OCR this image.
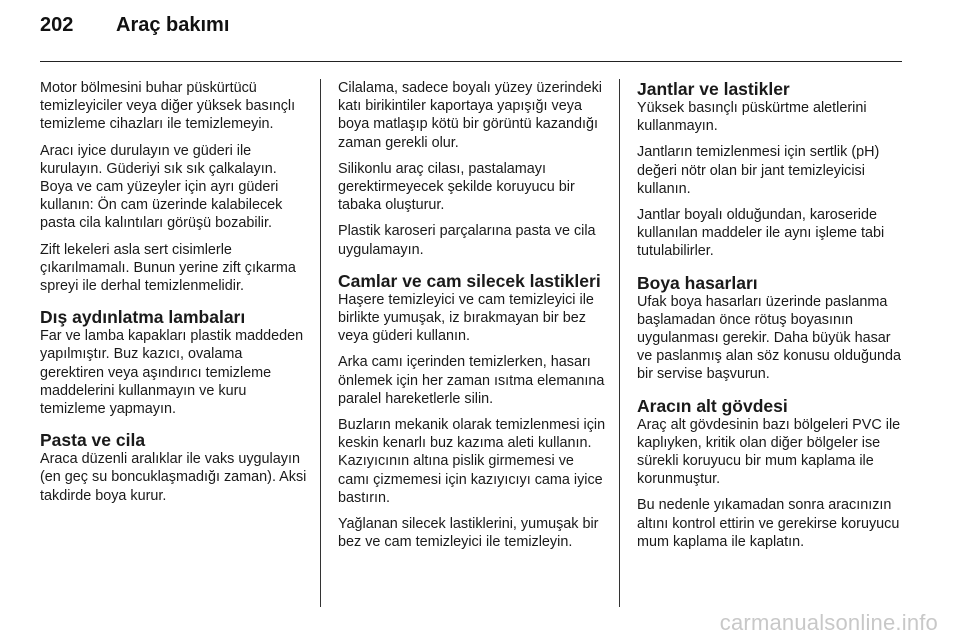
202 Araç bakımı

Motor bölmesini buhar püskürtücü temizleyiciler veya diğer yüksek basınçlı temizleme cihazları ile temizlemeyin.

Aracı iyice durulayın ve güderi ile kurulayın. Güderiyi sık sık çalkalayın. Boya ve cam yüzeyler için ayrı güderi kullanın: Ön cam üzerinde kalabilecek pasta cila kalıntıları görüşü bozabilir.

Zift lekeleri asla sert cisimlerle çıkarılmamalı. Bunun yerine zift çıkarma spreyi ile derhal temizlenmelidir.

Dış aydınlatma lambaları

Far ve lamba kapakları plastik maddeden yapılmıştır. Buz kazıcı, ovalama gerektiren veya aşındırıcı temizleme maddelerini kullanmayın ve kuru temizleme yapmayın.

Pasta ve cila

Araca düzenli aralıklar ile vaks uygulayın (en geç su boncuklaşmadığı zaman). Aksi takdirde boya kurur.

Cilalama, sadece boyalı yüzey üzerindeki katı birikintiler kaportaya yapışığı veya boya matlaşıp kötü bir görüntü kazandığı zaman gerekli olur.

Silikonlu araç cilası, pastalamayı gerektirmeyecek şekilde koruyucu bir tabaka oluşturur.

Plastik karoseri parçalarına pasta ve cila uygulamayın.

Camlar ve cam silecek lastikleri

Haşere temizleyici ve cam temizleyici ile birlikte yumuşak, iz bırakmayan bir bez veya güderi kullanın.

Arka camı içerinden temizlerken, hasarı önlemek için her zaman ısıtma elemanına paralel hareketlerle silin.

Buzların mekanik olarak temizlenmesi için keskin kenarlı buz kazıma aleti kullanın. Kazıyıcının altına pislik girmemesi ve camı çizmemesi için kazıyıcıyı cama iyice bastırın.

Yağlanan silecek lastiklerini, yumuşak bir bez ve cam temizleyici ile temizleyin.

Jantlar ve lastikler

Yüksek basınçlı püskürtme aletlerini kullanmayın.

Jantların temizlenmesi için sertlik (pH) değeri nötr olan bir jant temizleyicisi kullanın.

Jantlar boyalı olduğundan, karoseride kullanılan maddeler ile aynı işleme tabi tutulabilirler.

Boya hasarları

Ufak boya hasarları üzerinde paslanma başlamadan önce rötuş boyasının uygulanması gerekir. Daha büyük hasar ve paslanmış alan söz konusu olduğunda bir servise başvurun.

Aracın alt gövdesi

Araç alt gövdesinin bazı bölgeleri PVC ile kaplıyken, kritik olan diğer bölgeler ise sürekli koruyucu bir mum kaplama ile korunmuştur.

Bu nedenle yıkamadan sonra aracınızın altını kontrol ettirin ve gerekirse koruyucu mum kaplama ile kaplatın.

carmanualsonline.info
